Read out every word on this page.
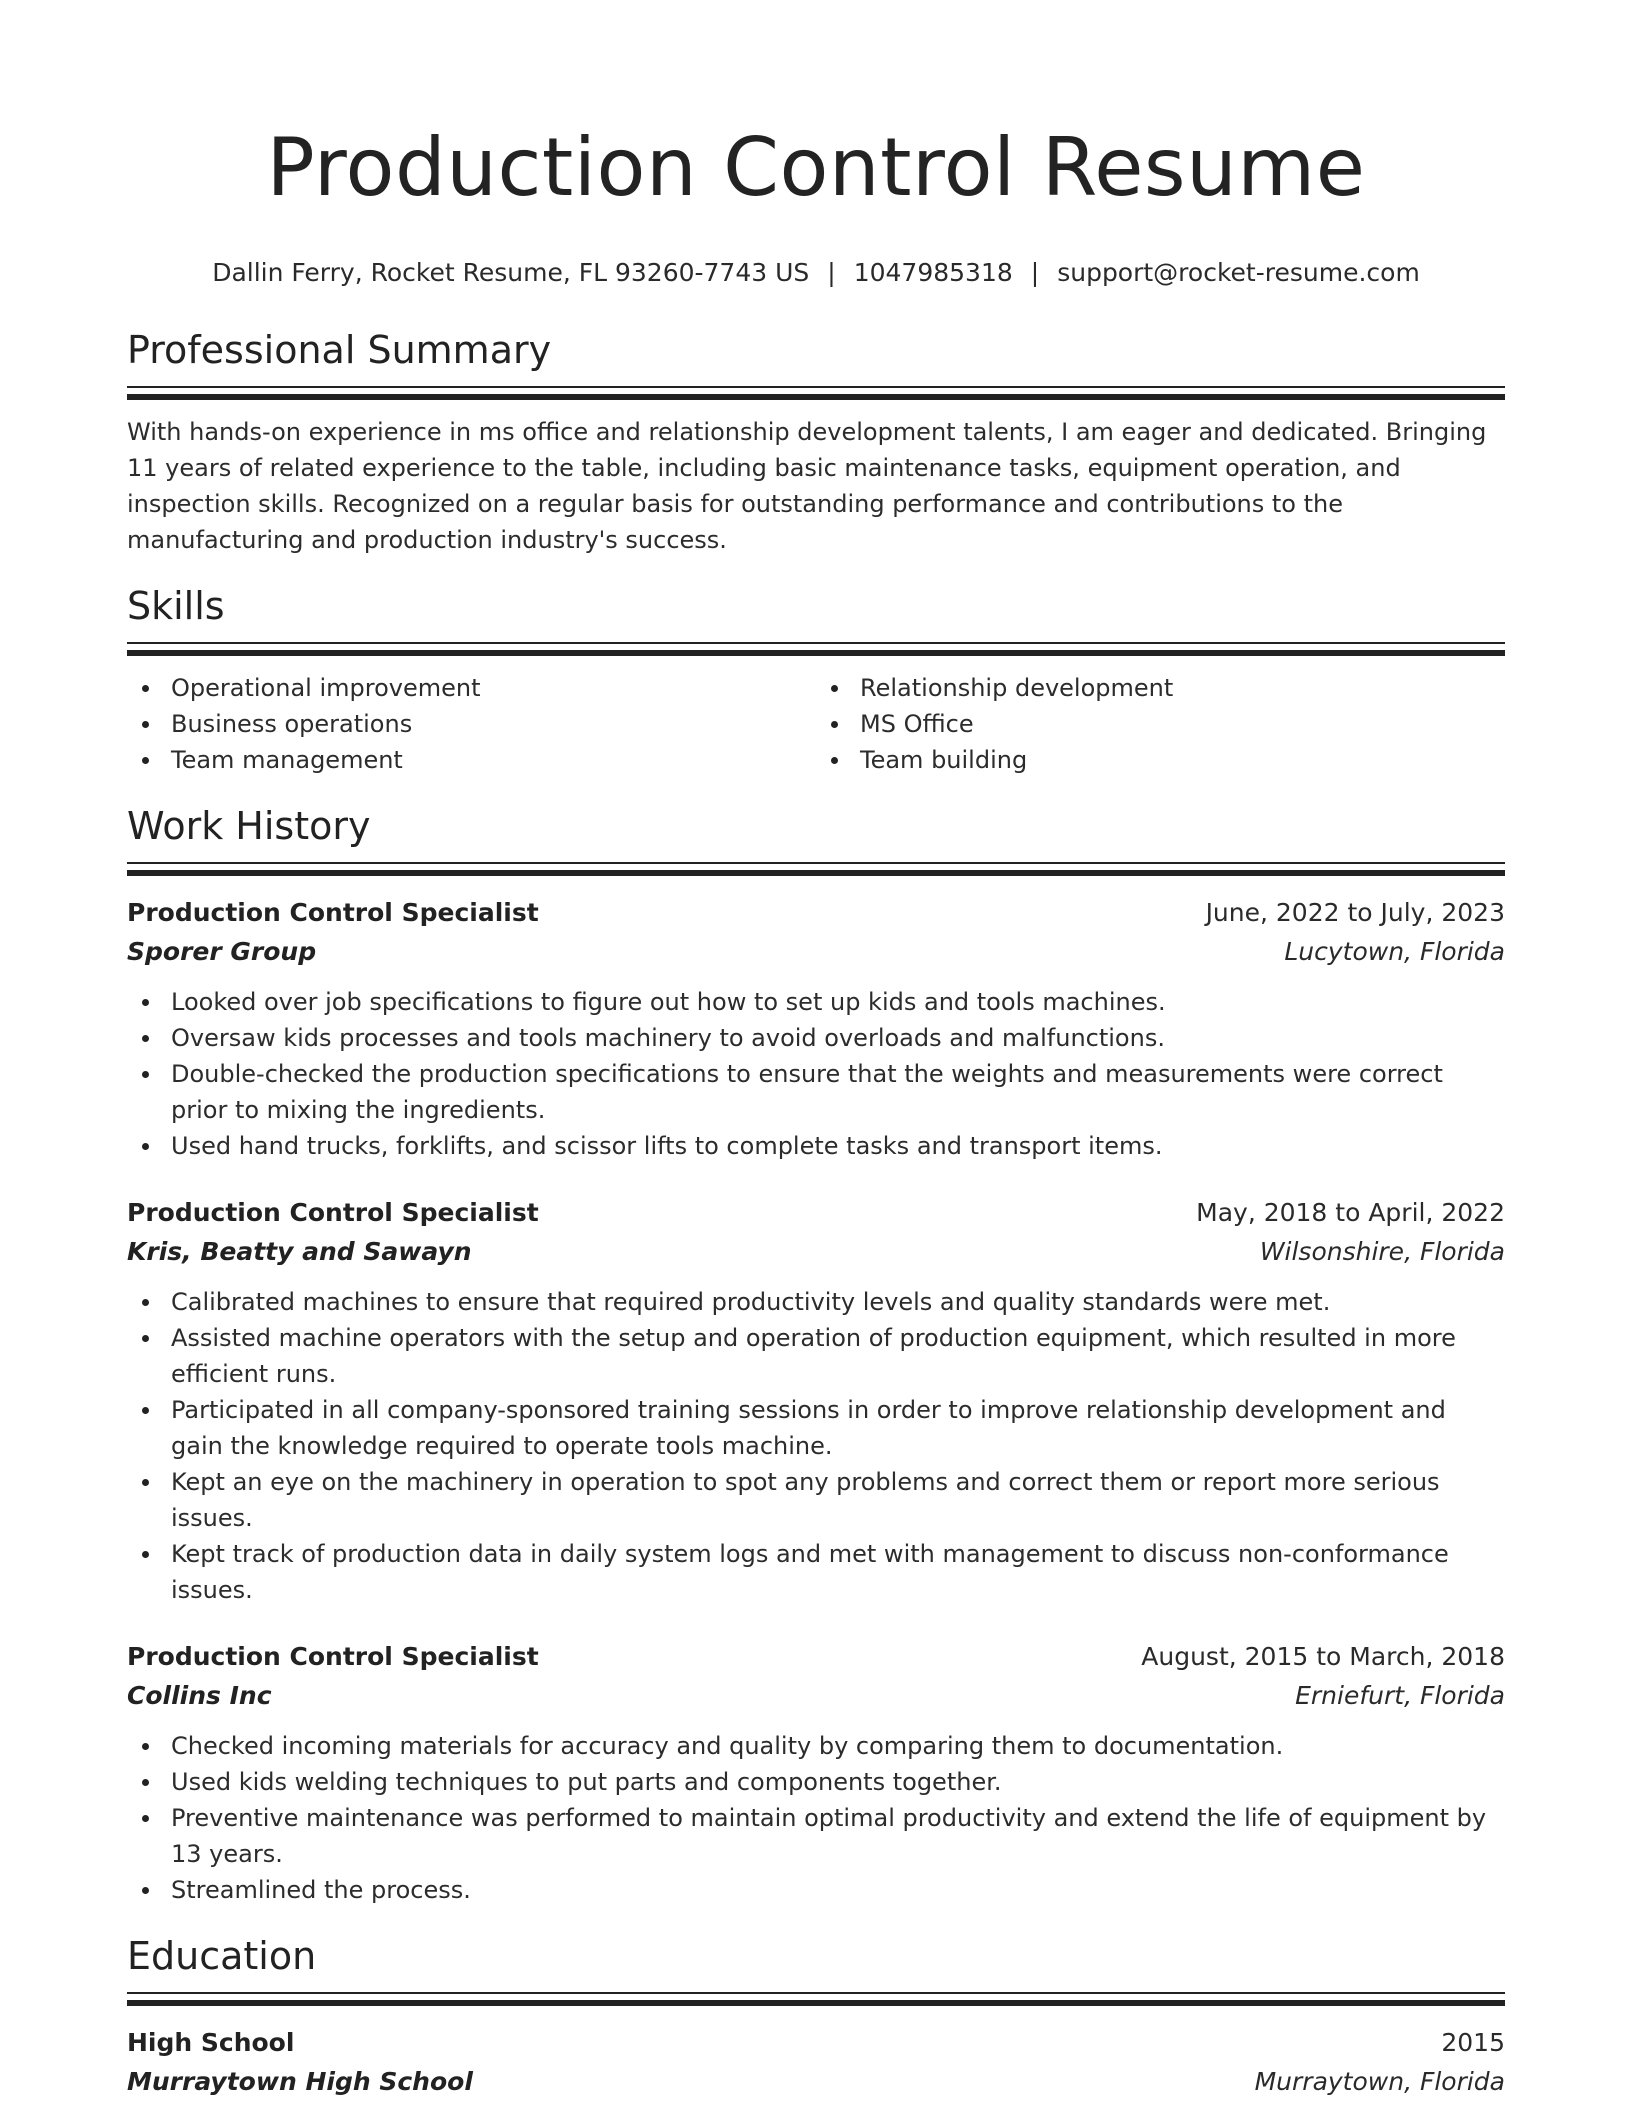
Production Control Resume
Dallin Ferry, Rocket Resume, FL 93260-7743 US | 1047985318 | support@rocket-resume.com
Professional Summary

With hands-on experience in ms office and relationship development talents, I am eager and dedicated. Bringing 11 years of related experience to the table, including basic maintenance tasks, equipment operation, and inspection skills. Recognized on a regular basis for outstanding performance and contributions to the manufacturing and production industry's success.

Skills
Operational improvement
Business operations
Team management
Relationship development
MS Office
Team building
Work History
Production Control Specialist	June, 2022 to July, 2023
Sporer Group	Lucytown, Florida
Looked over job specifications to figure out how to set up kids and tools machines.
Oversaw kids processes and tools machinery to avoid overloads and malfunctions.
Double-checked the production specifications to ensure that the weights and measurements were correct prior to mixing the ingredients.
Used hand trucks, forklifts, and scissor lifts to complete tasks and transport items.
Production Control Specialist	May, 2018 to April, 2022
Kris, Beatty and Sawayn	Wilsonshire, Florida
Calibrated machines to ensure that required productivity levels and quality standards were met.
Assisted machine operators with the setup and operation of production equipment, which resulted in more efficient runs.
Participated in all company-sponsored training sessions in order to improve relationship development and gain the knowledge required to operate tools machine.
Kept an eye on the machinery in operation to spot any problems and correct them or report more serious issues.
Kept track of production data in daily system logs and met with management to discuss non-conformance issues.
Production Control Specialist	August, 2015 to March, 2018
Collins Inc	Erniefurt, Florida
Checked incoming materials for accuracy and quality by comparing them to documentation.
Used kids welding techniques to put parts and components together.
Preventive maintenance was performed to maintain optimal productivity and extend the life of equipment by 13 years.
Streamlined the process.
Education
High School	2015
Murraytown High School	Murraytown, Florida
